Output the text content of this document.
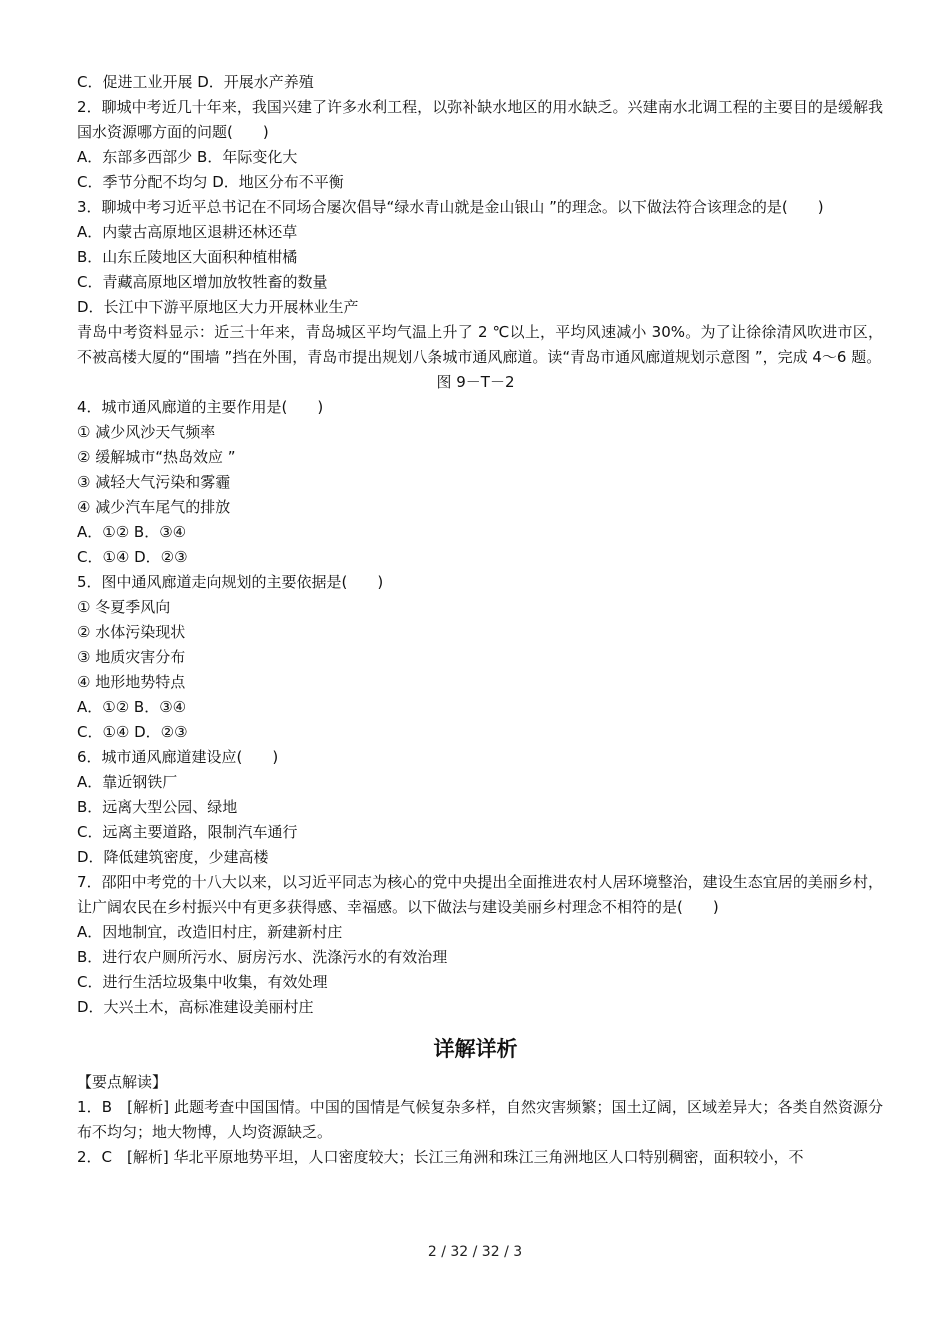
C．促进工业开展 D．开展水产养殖
2．聊城中考近几十年来，我国兴建了许多水利工程，以弥补缺水地区的用水缺乏。兴建南水北调工程的主要目的是缓解我国水资源哪方面的问题(　　)
A．东部多西部少 B．年际变化大
C．季节分配不均匀 D．地区分布不平衡
3．聊城中考习近平总书记在不同场合屡次倡导“绿水青山就是金山银山 ”的理念。以下做法符合该理念的是(　　)
A．内蒙古高原地区退耕还林还草
B．山东丘陵地区大面积种植柑橘
C．青藏高原地区增加放牧牲畜的数量
D．长江中下游平原地区大力开展林业生产
青岛中考资料显示：近三十年来，青岛城区平均气温上升了 2 ℃以上，平均风速减小 30%。为了让徐徐清风吹进市区，不被高楼大厦的“围墙 ”挡在外围，青岛市提出规划八条城市通风廊道。读“青岛市通风廊道规划示意图 ”，完成 4～6 题。
图 9－T－2
4．城市通风廊道的主要作用是(　　)
① 减少风沙天气频率
② 缓解城市“热岛效应 ”
③ 减轻大气污染和雾霾
④ 减少汽车尾气的排放
A．①② B．③④
C．①④ D．②③
5．图中通风廊道走向规划的主要依据是(　　)
① 冬夏季风向
② 水体污染现状
③ 地质灾害分布
④ 地形地势特点
A．①② B．③④
C．①④ D．②③
6．城市通风廊道建设应(　　)
A．靠近钢铁厂
B．远离大型公园、绿地
C．远离主要道路，限制汽车通行
D．降低建筑密度，少建高楼
7．邵阳中考党的十八大以来，以习近平同志为核心的党中央提出全面推进农村人居环境整治，建设生态宜居的美丽乡村，让广阔农民在乡村振兴中有更多获得感、幸福感。以下做法与建设美丽乡村理念不相符的是(　　)
A．因地制宜，改造旧村庄，新建新村庄
B．进行农户厕所污水、厨房污水、洗涤污水的有效治理
C．进行生活垃圾集中收集，有效处理
D．大兴土木，高标准建设美丽村庄
详解详析
【要点解读】
1．B　[解析] 此题考查中国国情。中国的国情是气候复杂多样，自然灾害频繁；国土辽阔，区域差异大；各类自然资源分布不均匀；地大物博，人均资源缺乏。
2．C　[解析] 华北平原地势平坦，人口密度较大；长江三角洲和珠江三角洲地区人口特别稠密，面积较小，不
2 / 32 / 32 / 3
